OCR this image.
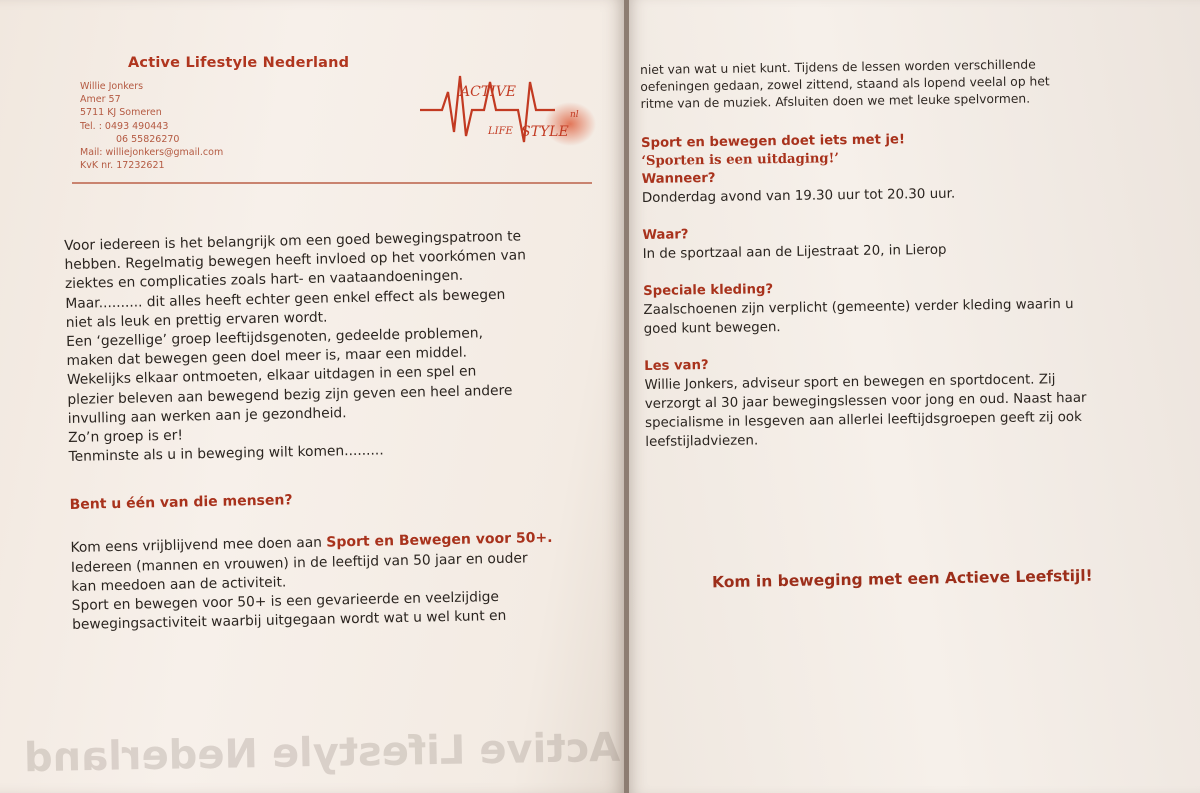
Active Lifestyle Nederland
Willie Jonkers
Amer 57
5711 KJ Someren
Tel. : 0493 490443
06 55826270
Mail: williejonkers@gmail.com
KvK nr. 17232621
ACTIVE
LIFE STYLE
nl
Voor iedereen is het belangrijk om een goed bewegingspatroon te
hebben. Regelmatig bewegen heeft invloed op het voorkómen van
ziektes en complicaties zoals hart- en vaataandoeningen.
Maar.......... dit alles heeft echter geen enkel effect als bewegen
niet als leuk en prettig ervaren wordt.
Een ‘gezellige’ groep leeftijdsgenoten, gedeelde problemen,
maken dat bewegen geen doel meer is, maar een middel.
Wekelijks elkaar ontmoeten, elkaar uitdagen in een spel en
plezier beleven aan bewegend bezig zijn geven een heel andere
invulling aan werken aan je gezondheid.
Zo’n groep is er!
Tenminste als u in beweging wilt komen.........
Bent u één van die mensen?
Kom eens vrijblijvend mee doen aan Sport en Bewegen voor 50+.
Iedereen (mannen en vrouwen) in de leeftijd van 50 jaar en ouder
kan meedoen aan de activiteit.
Sport en bewegen voor 50+ is een gevarieerde en veelzijdige
bewegingsactiviteit waarbij uitgegaan wordt wat u wel kunt en
Active Lifestyle Nederland
niet van wat u niet kunt. Tijdens de lessen worden verschillende
oefeningen gedaan, zowel zittend, staand als lopend veelal op het
ritme van de muziek. Afsluiten doen we met leuke spelvormen.
Sport en bewegen doet iets met je!
‘Sporten is een uitdaging!’
Wanneer?
Donderdag avond van 19.30 uur tot 20.30 uur.
Waar?
In de sportzaal aan de Lijestraat 20, in Lierop
Speciale kleding?
Zaalschoenen zijn verplicht (gemeente) verder kleding waarin u
goed kunt bewegen.
Les van?
Willie Jonkers, adviseur sport en bewegen en sportdocent. Zij
verzorgt al 30 jaar bewegingslessen voor jong en oud. Naast haar
specialisme in lesgeven aan allerlei leeftijdsgroepen geeft zij ook
leefstijladviezen.
Kom in beweging met een Actieve Leefstijl!
